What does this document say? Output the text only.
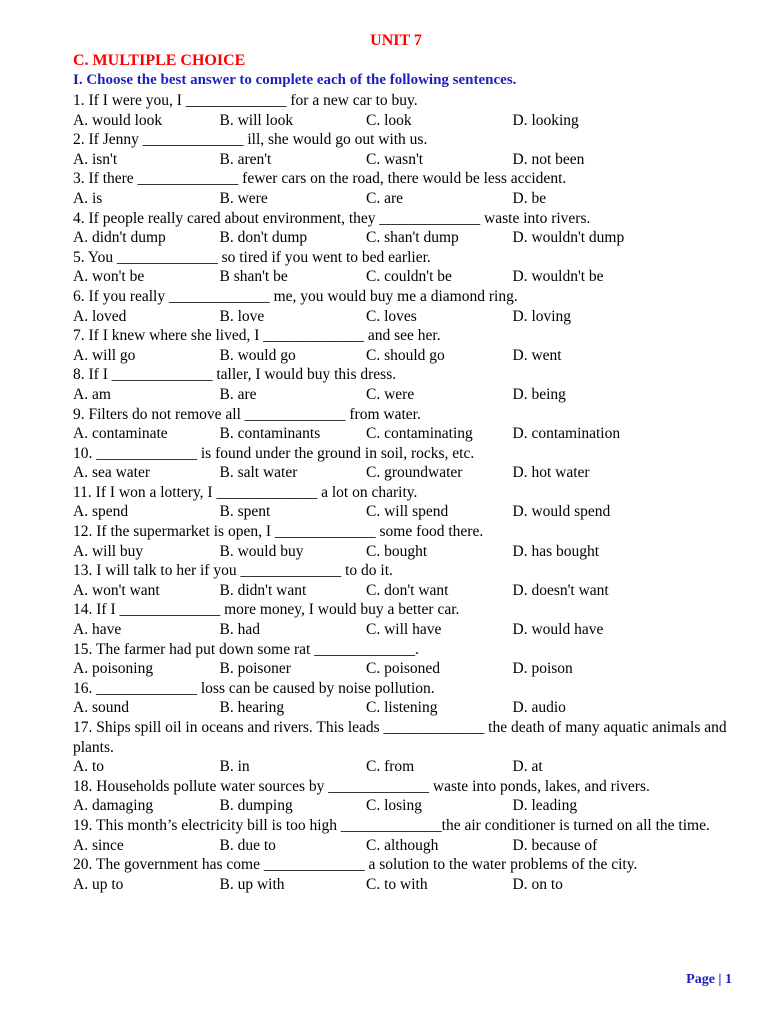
UNIT 7
C. MULTIPLE CHOICE
I. Choose the best answer to complete each of the following sentences.
1. If I were you, I _____________ for a new car to buy.
A. would look	B. will look	C. look	D. looking
2. If Jenny _____________ ill, she would go out with us.
A. isn't	B. aren't	C. wasn't	D. not been
3. If there _____________ fewer cars on the road, there would be less accident.
A. is	B. were	C. are	D. be
4. If people really cared about environment, they _____________ waste into rivers.
A. didn't dump	B. don't dump	C. shan't dump	D. wouldn't dump
5. You _____________ so tired if you went to bed earlier.
A. won't be	B shan't be	C. couldn't be	D. wouldn't be
6. If you really _____________ me, you would buy me a diamond ring.
A. loved	B. love	C. loves	D. loving
7. If I knew where she lived, I _____________ and see her.
A. will go	B. would go	C. should go	D. went
8. If I _____________ taller, I would buy this dress.
A. am	B. are	C. were	D. being
9. Filters do not remove all _____________ from water.
A. contaminate	B. contaminants	C. contaminating	D. contamination
10. _____________ is found under the ground in soil, rocks, etc.
A. sea water	B. salt water	C. groundwater	D. hot water
11. If I won a lottery, I _____________ a lot on charity.
A. spend	B. spent	C. will spend	D. would spend
12. If the supermarket is open, I _____________ some food there.
A. will buy	B. would buy	C. bought	D. has bought
13. I will talk to her if you _____________ to do it.
A. won't want	B. didn't want	C. don't want	D. doesn't want
14. If I _____________ more money, I would buy a better car.
A. have	B. had	C. will have	D. would have
15. The farmer had put down some rat _____________.
A. poisoning	B. poisoner	C. poisoned	D. poison
16. _____________ loss can be caused by noise pollution.
A. sound	B. hearing	C. listening	D. audio
17. Ships spill oil in oceans and rivers. This leads _____________ the death of many aquatic animals and plants.
A. to	B. in	C. from	D. at
18. Households pollute water sources by _____________ waste into ponds, lakes, and rivers.
A. damaging	B. dumping	C. losing	D. leading
19. This month’s electricity bill is too high _____________the air conditioner is turned on all the time.
A. since	B. due to	C. although	D. because of
20. The government has come _____________ a solution to the water problems of the city.
A. up to	B. up with	C. to with	D. on to
Page | 1
